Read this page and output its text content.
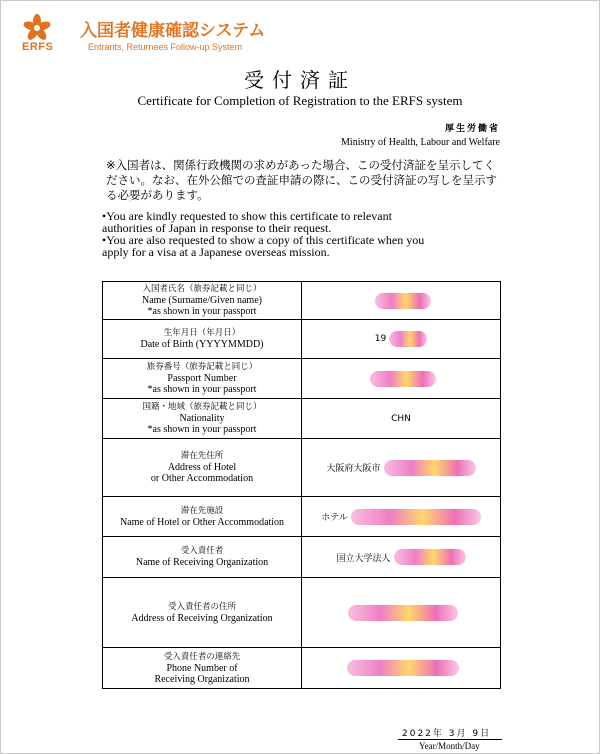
ERFS
入国者健康確認システム
Entrants, Returnees Follow-up System
受付済証
Certificate for Completion of Registration to the ERFS system
厚生労働省
Ministry of Health, Labour and Welfare
※入国者は、関係行政機関の求めがあった場合、この受付済証を呈示してください。なお、在外公館での査証申請の際に、この受付済証の写しを呈示する必要があります。
•You are kindly requested to show this certificate to relevant
authorities of Japan in response to their request.
•You are also requested to show a copy of this certificate when you
apply for a visa at a Japanese overseas mission.
入国者氏名（旅券記載と同じ）
Name (Surname/Given name)
*as shown in your passport	

生年月日（年月日）
Date of Birth (YYYYMMDD)	19

旅券番号（旅券記載と同じ）
Passport Number
*as shown in your passport	

国籍・地域（旅券記載と同じ）
Nationality
*as shown in your passport	CHN

滞在先住所
Address of Hotel
or Other Accommodation	大阪府大阪市

滞在先施設
Name of Hotel or Other Accommodation	ホテル

受入責任者
Name of Receiving Organization	国立大学法人

受入責任者の住所
Address of Receiving Organization	

受入責任者の連絡先
Phone Number of
Receiving Organization	

2022年 3月 9日
Year/Month/Day
